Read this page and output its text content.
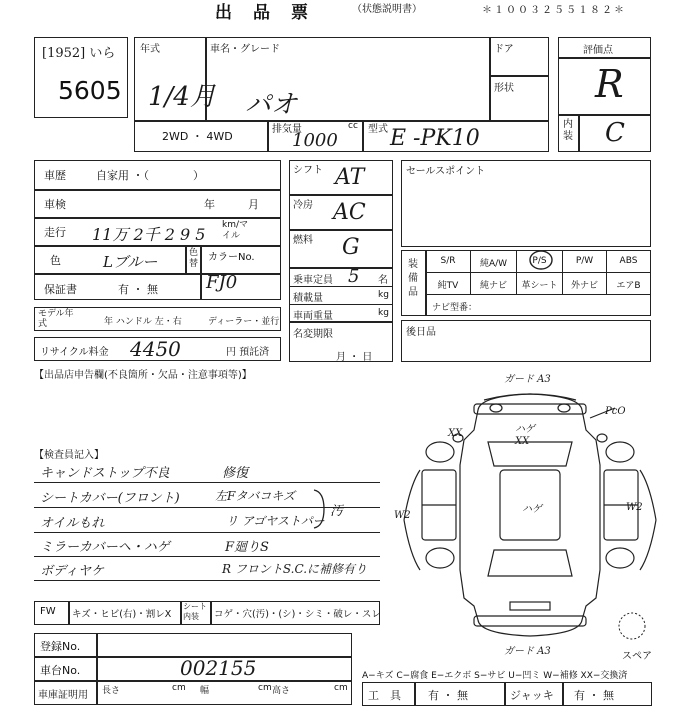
出　品　票	（状態説明書）	＊１００３２５５１８２＊
[1952] いら
5605
年式
1/4月
車名・グレード
パオ
ドア
形状
2WD ・ 4WD
排気量	cc
1000
型式 E -PK10
評価点
R
内装 C
車歴	自家用 ・（　　　　）
車検	年	月
走行 11万 2千 2 9 5 km/マイル
色	Lブルー	色替
カラーNo.
FJ0
保証書	有 ・ 無
モデル年式	年 ハンドル 左・右	ディーラー・並行
リサイクル料金 4450	円 預託済
シフト AT
冷房 AC
燃料 G
乗車定員 5 名
積載量	kg
車両重量	kg
名変期限
月 ・ 日
セールスポイント
装備品
S/R	純A/W	P/S	P/W	ABS
純TV	純ナビ	革シート	外ナビ	エアB
ナビ型番：
後日品
【出品店申告欄(不良箇所・欠品・注意事項等)】
【検査員記入】
キャンドストップ不良	修復
シートカバー(フロント)	左Fタバコキズ
オイルもれ	リ アゴヤストパー
ミラーカバーヘ・ハゲ	F廻りS
ボディヤケ	R フロントS.C.に補修有り
汚
ガード A3
PcO
ハゲ
XX
XX
ハゲ
W2
W2
ガード A3	スペア
FW キズ・ヒビ(右)・割レX
シート内装	コゲ・穴(汚)・(シ)・シミ・破レ・スレ
登録No.
車台No.	002155
車庫証明用 長さ	cm 幅	cm 高さ	cm
A−キズ C−腐食 E−エクボ S−サビ U−凹ミ W−補修 XX−交換済
工　具 有 ・ 無	ジャッキ 有 ・ 無
